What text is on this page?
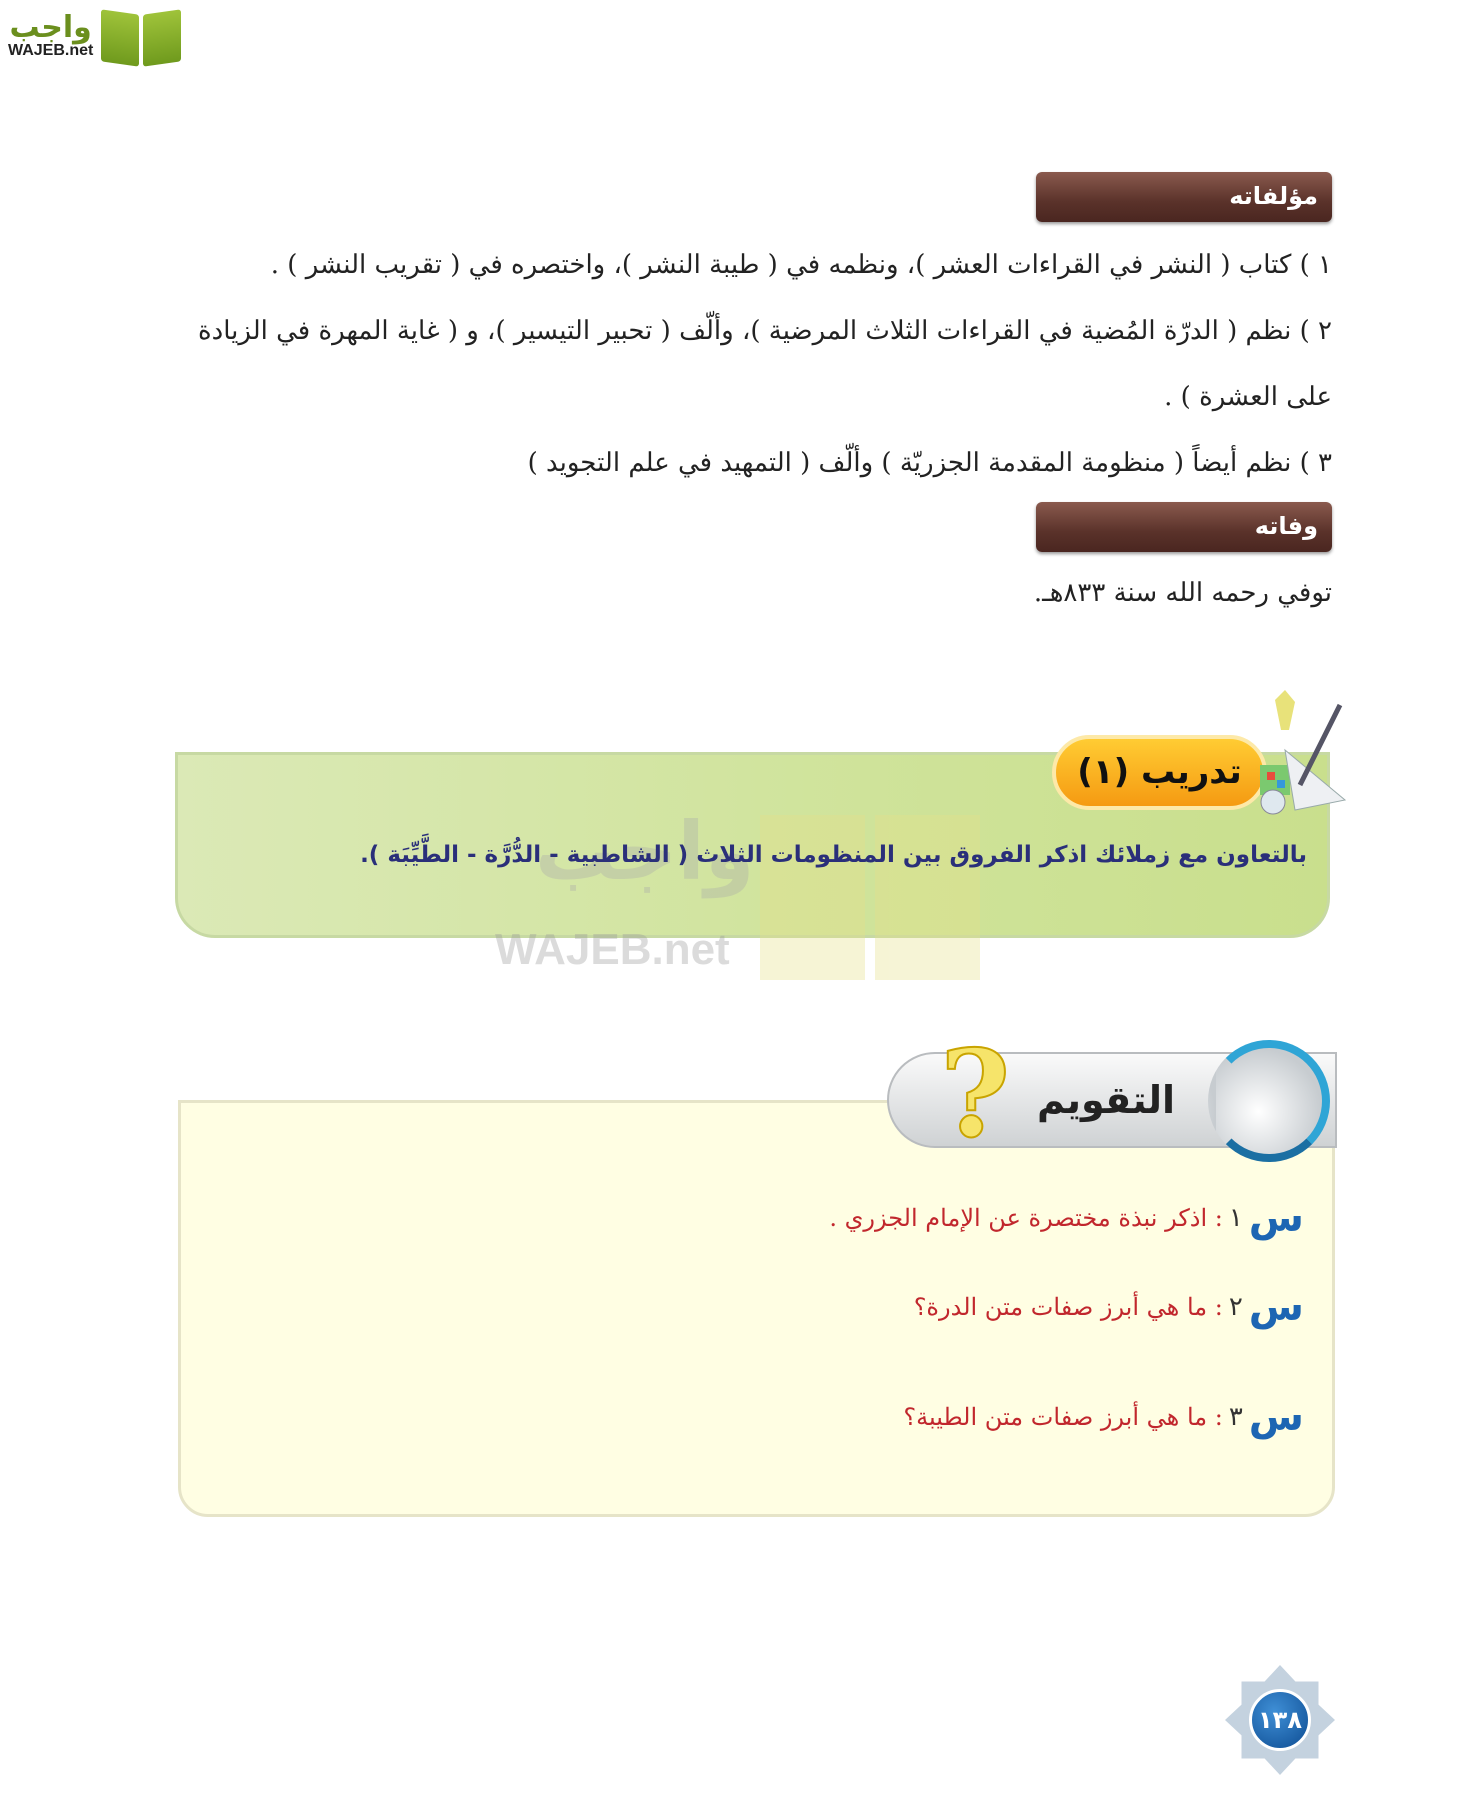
واجب
WAJEB.net
مؤلفاته
١ ) كتاب ( النشر في القراءات العشر )، ونظمه في ( طيبة النشر )، واختصره في ( تقريب النشر ) .
٢ ) نظم ( الدرّة المُضية في القراءات الثلاث المرضية )، وألّف ( تحبير التيسير )، و ( غاية المهرة في الزيادة
على العشرة ) .
٣ ) نظم أيضاً ( منظومة المقدمة الجزريّة ) وألّف ( التمهيد في علم التجويد )
وفاته
توفي رحمه الله سنة ٨٣٣هـ.
واجب
WAJEB.net
تدريب (١)
بالتعاون مع زملائك اذكر الفروق بين المنظومات الثلاث ( الشاطبية - الدُّرَّة - الطَّيِّبَة ).
التقويم
?
س
١
: اذكر نبذة مختصرة عن الإمام الجزري .
س
٢
: ما هي أبرز صفات متن الدرة؟
س
٣
: ما هي أبرز صفات متن الطيبة؟
١٣٨
